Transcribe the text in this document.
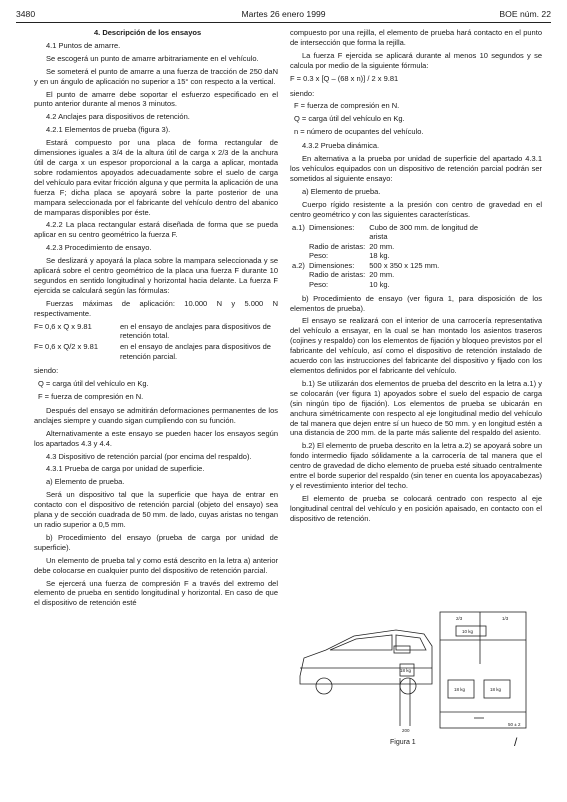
3480	Martes 26 enero 1999	BOE núm. 22

4. Descripción de los ensayos

4.1 Puntos de amarre.

Se escogerá un punto de amarre arbitrariamente en el vehículo.

Se someterá el punto de amarre a una fuerza de tracción de 250 daN y en un ángulo de aplicación no superior a 15° con respecto a la vertical.

El punto de amarre debe soportar el esfuerzo especificado en el punto anterior durante al menos 3 minutos.

4.2 Anclajes para dispositivos de retención.

4.2.1 Elementos de prueba (figura 3).

Estará compuesto por una placa de forma rectangular de dimensiones iguales a 3/4 de la altura útil de carga x 2/3 de la anchura útil de carga x un espesor proporcional a la carga a aplicar, montada sobre rodamientos apoyados adecuadamente sobre el suelo de carga del vehículo para evitar fricción alguna y que permita la aplicación de una fuerza F; dicha placa se apoyará sobre la parte posterior de una mampara seleccionada por el fabricante del vehículo dentro del abanico de mamparas disponibles por éste.

4.2.2 La placa rectangular estará diseñada de forma que se pueda aplicar en su centro geométrico la fuerza F.

4.2.3 Procedimiento de ensayo.

Se deslizará y apoyará la placa sobre la mampara seleccionada y se aplicará sobre el centro geométrico de la placa una fuerza F durante 10 segundos en sentido longitudinal y horizontal hacia delante. La fuerza F ejercida se calculará según las fórmulas:

Fuerzas máximas de aplicación: 10.000 N y 5.000 N respectivamente.

F= 0,6 x Q x 9.81	en el ensayo de anclajes para dispositivos de retención total.
F= 0,6 x Q/2 x 9.81	en el ensayo de anclajes para dispositivos de retención parcial.

siendo:

Q = carga útil del vehículo en Kg.

F = fuerza de compresión en N.

Después del ensayo se admitirán deformaciones permanentes de los anclajes siempre y cuando sigan cumpliendo con su función.

Alternativamente a este ensayo se pueden hacer los ensayos según los apartados 4.3 y 4.4.

4.3 Dispositivo de retención parcial (por encima del respaldo).

4.3.1 Prueba de carga por unidad de superficie.

a) Elemento de prueba.

Será un dispositivo tal que la superficie que haya de entrar en contacto con el dispositivo de retención parcial (objeto del ensayo) sea plana y de sección cuadrada de 50 mm. de lado, cuyas aristas no tengan un radio superior a 0,5 mm.

b) Procedimiento del ensayo (prueba de carga por unidad de superficie).

Un elemento de prueba tal y como está descrito en la letra a) anterior debe colocarse en cualquier punto del dispositivo de retención parcial.

Se ejercerá una fuerza de compresión F a través del extremo del elemento de prueba en sentido longitudinal y horizontal. En caso de que el dispositivo de retención esté

compuesto por una rejilla, el elemento de prueba hará contacto en el punto de intersección que forma la rejilla.

La fuerza F ejercida se aplicará durante al menos 10 segundos y se calcula por medio de la siguiente fórmula:

F = 0.3 x [Q – (68 x n)] / 2 x 9.81

siendo:

F = fuerza de compresión en N.

Q = carga útil del vehículo en Kg.

n = número de ocupantes del vehículo.

4.3.2 Prueba dinámica.

En alternativa a la prueba por unidad de superficie del apartado 4.3.1 los vehículos equipados con un dispositivo de retención parcial podrán ser sometidos al siguiente ensayo:

a) Elemento de prueba.

Cuerpo rígido resistente a la presión con centro de gravedad en el centro geométrico y con las siguientes características.

a.1)	Dimensiones:	Cubo de 300 mm. de longitud de arista
	Radio de aristas:	20 mm.
	Peso:	18 kg.
a.2)	Dimensiones:	500 x 350 x 125 mm.
	Radio de aristas:	20 mm.
	Peso:	10 kg.

b) Procedimiento de ensayo (ver figura 1, para disposición de los elementos de prueba).

El ensayo se realizará con el interior de una carrocería representativa del vehículo a ensayar, en la cual se han montado los asientos traseros (cojines y respaldo) con los elementos de fijación y bloqueo previstos por el fabricante del vehículo, así como el dispositivo de retención instalado de acuerdo con las instrucciones del fabricante del dispositivo y fijado con los elementos definidos por el fabricante del vehículo.

b.1) Se utilizarán dos elementos de prueba del descrito en la letra a.1) y se colocarán (ver figura 1) apoyados sobre el suelo del espacio de carga (sin ningún tipo de fijación). Los elementos de prueba se ubicarán en anchura simétricamente con respecto al eje longitudinal medio del vehículo de tal manera que dejen entre sí un hueco de 50 mm. y en longitud estén a una distancia de 200 mm. de la parte más saliente del respaldo del asiento.

b.2) El elemento de prueba descrito en la letra a.2) se apoyará sobre un fondo intermedio fijado sólidamente a la carrocería de tal manera que el centro de gravedad de dicho elemento de prueba esté situado centralmente entre el borde superior del respaldo (sin tener en cuenta los apoyacabezas) y el revestimiento interior del techo.

El elemento de prueba se colocará centrado con respecto al eje longitudinal central del vehículo y en posición apaisado, en contacto con el dispositivo de retención.

2/3	1/3
10 kg
18 kg	18 kg
18 kg
200
50 ± 2
Figura 1	/
